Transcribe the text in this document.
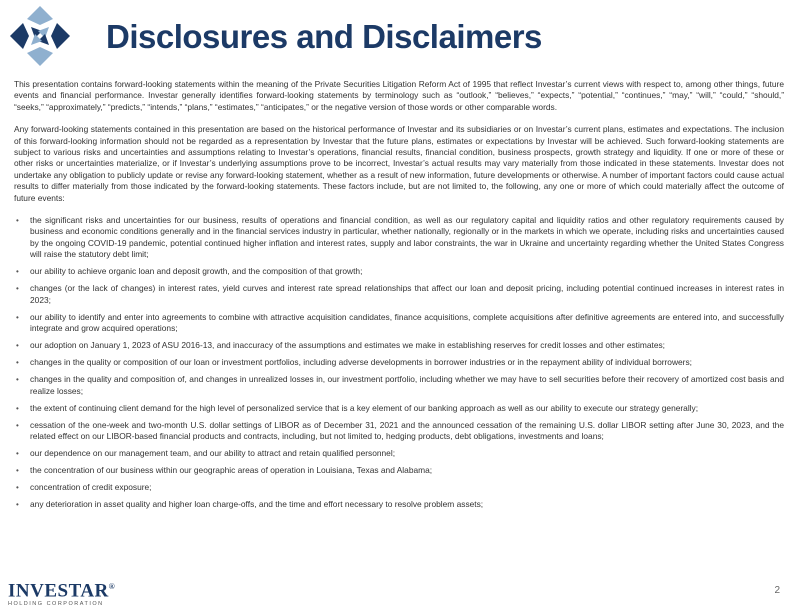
Disclosures and Disclaimers

This presentation contains forward-looking statements within the meaning of the Private Securities Litigation Reform Act of 1995 that reflect Investar’s current views with respect to, among other things, future events and financial performance. Investar generally identifies forward-looking statements by terminology such as “outlook,” “believes,” “expects,” “potential,” “continues,” “may,” “will,” “could,” “should,” “seeks,” “approximately,” “predicts,” “intends,” “plans,” “estimates,” “anticipates,” or the negative version of those words or other comparable words.

Any forward-looking statements contained in this presentation are based on the historical performance of Investar and its subsidiaries or on Investar’s current plans, estimates and expectations. The inclusion of this forward-looking information should not be regarded as a representation by Investar that the future plans, estimates or expectations by Investar will be achieved. Such forward-looking statements are subject to various risks and uncertainties and assumptions relating to Investar’s operations, financial results, financial condition, business prospects, growth strategy and liquidity. If one or more of these or other risks or uncertainties materialize, or if Investar’s underlying assumptions prove to be incorrect, Investar’s actual results may vary materially from those indicated in these statements. Investar does not undertake any obligation to publicly update or revise any forward-looking statement, whether as a result of new information, future developments or otherwise. A number of important factors could cause actual results to differ materially from those indicated by the forward-looking statements. These factors include, but are not limited to, the following, any one or more of which could materially affect the outcome of future events:

• the significant risks and uncertainties for our business, results of operations and financial condition, as well as our regulatory capital and liquidity ratios and other regulatory requirements caused by business and economic conditions generally and in the financial services industry in particular, whether nationally, regionally or in the markets in which we operate, including risks and uncertainties caused by the ongoing COVID-19 pandemic, potential continued higher inflation and interest rates, supply and labor constraints, the war in Ukraine and uncertainty regarding whether the United States Congress will raise the statutory debt limit;
• our ability to achieve organic loan and deposit growth, and the composition of that growth;
• changes (or the lack of changes) in interest rates, yield curves and interest rate spread relationships that affect our loan and deposit pricing, including potential continued increases in interest rates in 2023;
• our ability to identify and enter into agreements to combine with attractive acquisition candidates, finance acquisitions, complete acquisitions after definitive agreements are entered into, and successfully integrate and grow acquired operations;
• our adoption on January 1, 2023 of ASU 2016-13, and inaccuracy of the assumptions and estimates we make in establishing reserves for credit losses and other estimates;
• changes in the quality or composition of our loan or investment portfolios, including adverse developments in borrower industries or in the repayment ability of individual borrowers;
• changes in the quality and composition of, and changes in unrealized losses in, our investment portfolio, including whether we may have to sell securities before their recovery of amortized cost basis and realize losses;
• the extent of continuing client demand for the high level of personalized service that is a key element of our banking approach as well as our ability to execute our strategy generally;
• cessation of the one-week and two-month U.S. dollar settings of LIBOR as of December 31, 2021 and the announced cessation of the remaining U.S. dollar LIBOR setting after June 30, 2023, and the related effect on our LIBOR-based financial products and contracts, including, but not limited to, hedging products, debt obligations, investments and loans;
• our dependence on our management team, and our ability to attract and retain qualified personnel;
• the concentration of our business within our geographic areas of operation in Louisiana, Texas and Alabama;
• concentration of credit exposure;
• any deterioration in asset quality and higher loan charge-offs, and the time and effort necessary to resolve problem assets;
INVESTAR®
HOLDING CORPORATION
2
